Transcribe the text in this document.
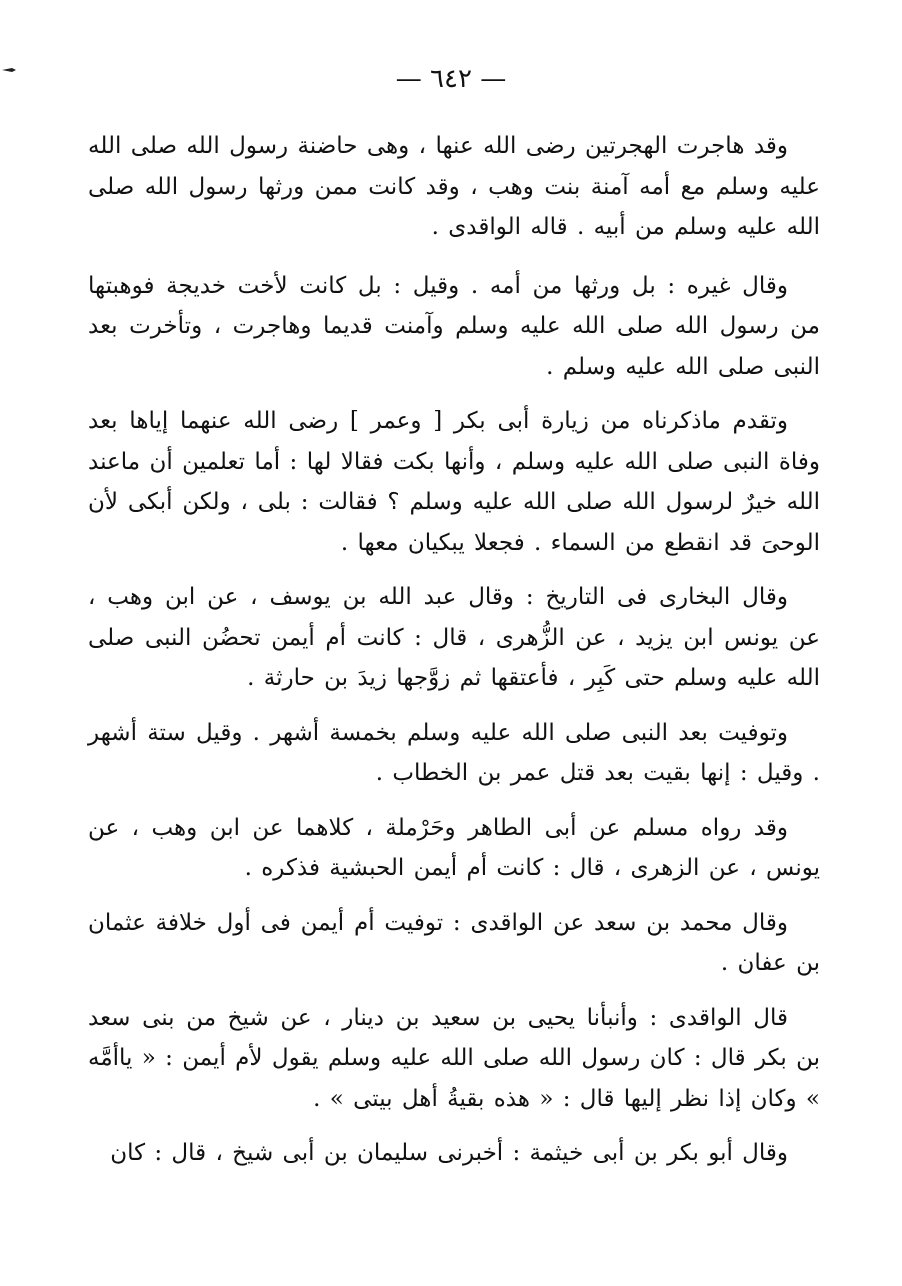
— ٦٤٢ —

وقد هاجرت الهجرتين رضى الله عنها ، وهى حاضنة رسول الله صلى الله عليه وسلم مع أمه آمنة بنت وهب ، وقد كانت ممن ورثها رسول الله صلى الله عليه وسلم من أبيه . قاله الواقدى .

وقال غيره : بل ورثها من أمه . وقيل : بل كانت لأخت خديجة فوهبتها من رسول الله صلى الله عليه وسلم وآمنت قديما وهاجرت ، وتأخرت بعد النبى صلى الله عليه وسلم .

وتقدم ماذكرناه من زيارة أبى بكر [ وعمر ] رضى الله عنهما إياها بعد وفاة النبى صلى الله عليه وسلم ، وأنها بكت فقالا لها : أما تعلمين أن ماعند الله خيرٌ لرسول الله صلى الله عليه وسلم ؟ فقالت : بلى ، ولكن أبكى لأن الوحىَ قد انقطع من السماء . فجعلا يبكيان معها .

وقال البخارى فى التاريخ : وقال عبد الله بن يوسف ، عن ابن وهب ، عن يونس ابن يزيد ، عن الزُّهرى ، قال : كانت أم أيمن تحضُن النبى صلى الله عليه وسلم حتى كَبِر ، فأعتقها ثم زوَّجها زيدَ بن حارثة .

وتوفيت بعد النبى صلى الله عليه وسلم بخمسة أشهر . وقيل ستة أشهر . وقيل : إنها بقيت بعد قتل عمر بن الخطاب .

وقد رواه مسلم عن أبى الطاهر وحَرْملة ، كلاهما عن ابن وهب ، عن يونس ، عن الزهرى ، قال : كانت أم أيمن الحبشية فذكره .

وقال محمد بن سعد عن الواقدى : توفيت أم أيمن فى أول خلافة عثمان بن عفان .

قال الواقدى : وأنبأنا يحيى بن سعيد بن دينار ، عن شيخ من بنى سعد بن بكر قال : كان رسول الله صلى الله عليه وسلم يقول لأم أيمن : « ياأمَّه » وكان إذا نظر إليها قال : « هذه بقيةُ أهل بيتى » .

وقال أبو بكر بن أبى خيثمة : أخبرنى سليمان بن أبى شيخ ، قال : كان
